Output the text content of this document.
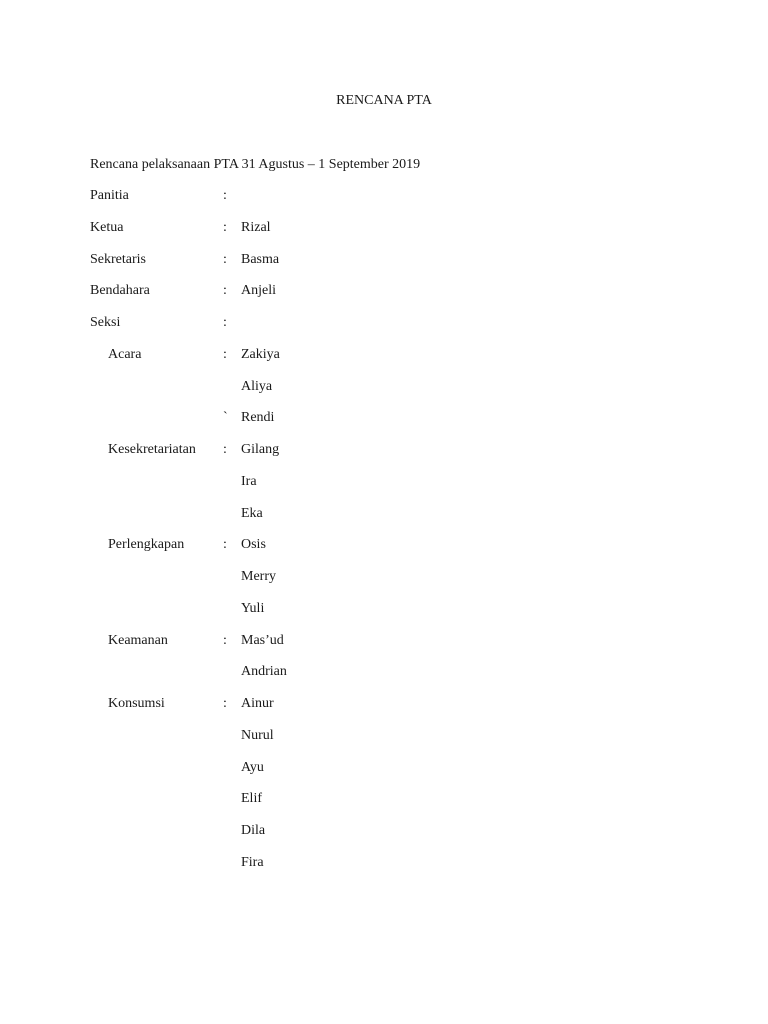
RENCANA PTA
Rencana pelaksanaan PTA 31 Agustus – 1 September 2019
Panitia	:
Ketua	: Rizal
Sekretaris	: Basma
Bendahara	: Anjeli
Seksi	:
Acara	: Zakiya
Aliya
` Rendi
Kesekretariatan : Gilang
Ira
Eka
Perlengkapan	: Osis
Merry
Yuli
Keamanan	: Mas’ud
Andrian
Konsumsi	: Ainur
Nurul
Ayu
Elif
Dila
Fira
